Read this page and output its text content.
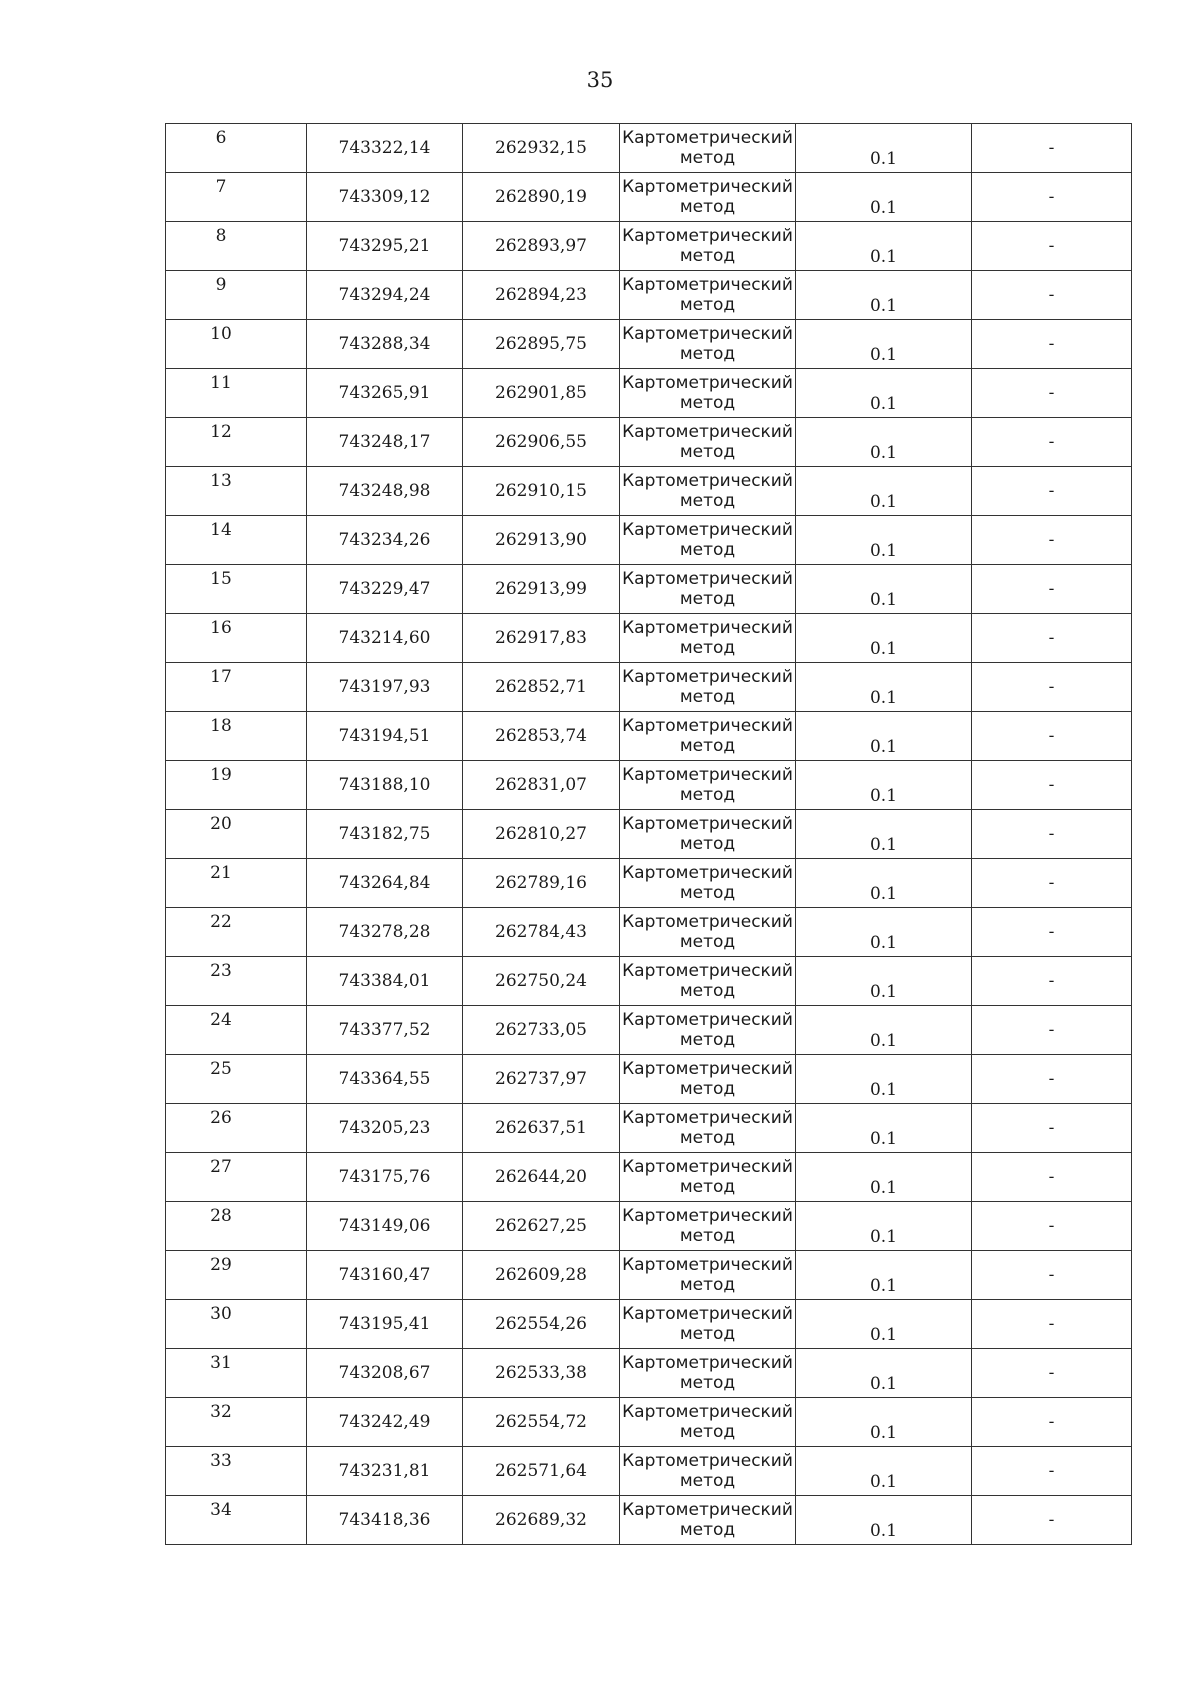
35
6	743322,14	262932,15	Картометрический метод	0.1	-

7	743309,12	262890,19	Картометрический метод	0.1	-

8	743295,21	262893,97	Картометрический метод	0.1	-

9	743294,24	262894,23	Картометрический метод	0.1	-

10	743288,34	262895,75	Картометрический метод	0.1	-

11	743265,91	262901,85	Картометрический метод	0.1	-

12	743248,17	262906,55	Картометрический метод	0.1	-

13	743248,98	262910,15	Картометрический метод	0.1	-

14	743234,26	262913,90	Картометрический метод	0.1	-

15	743229,47	262913,99	Картометрический метод	0.1	-

16	743214,60	262917,83	Картометрический метод	0.1	-

17	743197,93	262852,71	Картометрический метод	0.1	-

18	743194,51	262853,74	Картометрический метод	0.1	-

19	743188,10	262831,07	Картометрический метод	0.1	-

20	743182,75	262810,27	Картометрический метод	0.1	-

21	743264,84	262789,16	Картометрический метод	0.1	-

22	743278,28	262784,43	Картометрический метод	0.1	-

23	743384,01	262750,24	Картометрический метод	0.1	-

24	743377,52	262733,05	Картометрический метод	0.1	-

25	743364,55	262737,97	Картометрический метод	0.1	-

26	743205,23	262637,51	Картометрический метод	0.1	-

27	743175,76	262644,20	Картометрический метод	0.1	-

28	743149,06	262627,25	Картометрический метод	0.1	-

29	743160,47	262609,28	Картометрический метод	0.1	-

30	743195,41	262554,26	Картометрический метод	0.1	-

31	743208,67	262533,38	Картометрический метод	0.1	-

32	743242,49	262554,72	Картометрический метод	0.1	-

33	743231,81	262571,64	Картометрический метод	0.1	-

34	743418,36	262689,32	Картометрический метод	0.1	-
